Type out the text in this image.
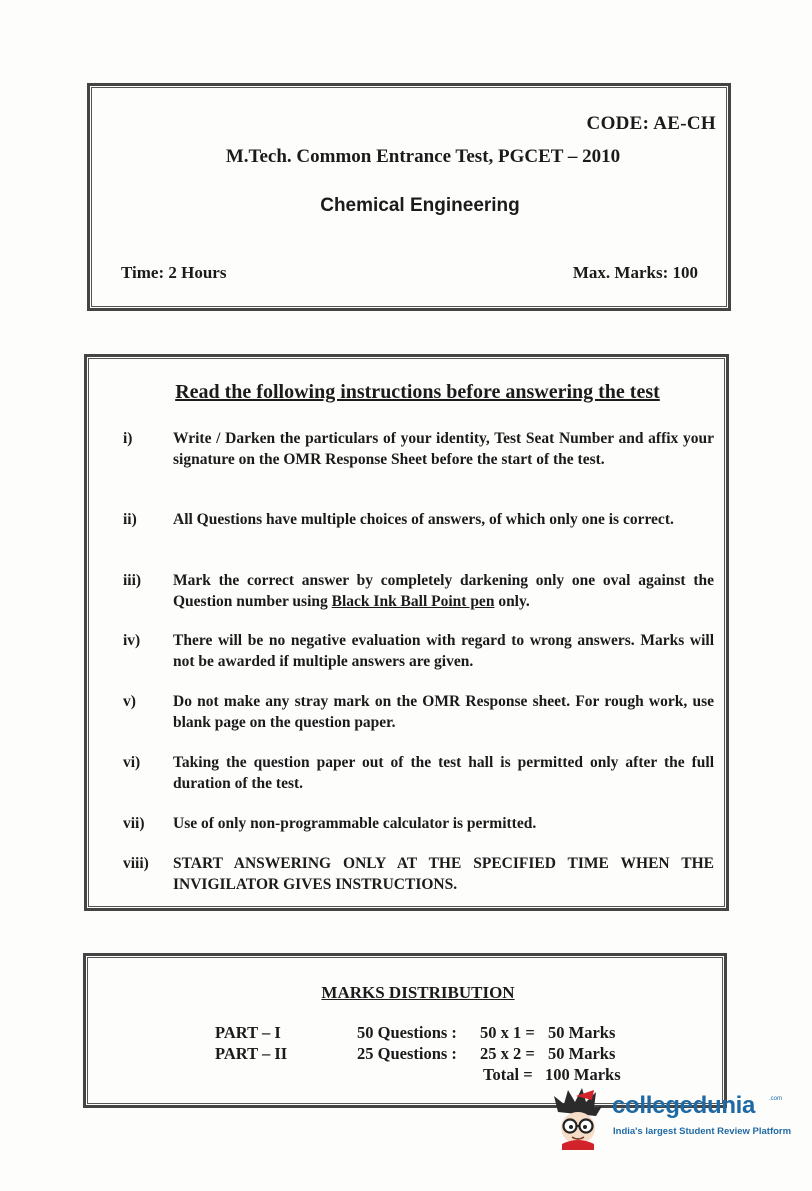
CODE: AE-CH
M.Tech. Common Entrance Test, PGCET – 2010
Chemical Engineering
Time: 2 Hours	Max. Marks: 100
Read the following instructions before answering the test
i)	Write / Darken the particulars of your identity, Test Seat Number and affix your signature on the OMR Response Sheet before the start of the test.
ii)	All Questions have multiple choices of answers, of which only one is correct.
iii)	Mark the correct answer by completely darkening only one oval against the Question number using Black Ink Ball Point pen only.
iv)	There will be no negative evaluation with regard to wrong answers. Marks will not be awarded if multiple answers are given.
v)	Do not make any stray mark on the OMR Response sheet. For rough work, use blank page on the question paper.
vi)	Taking the question paper out of the test hall is permitted only after the full duration of the test.
vii)	Use of only non-programmable calculator is permitted.
viii)	START ANSWERING ONLY AT THE SPECIFIED TIME WHEN THE INVIGILATOR GIVES INSTRUCTIONS.
MARKS DISTRIBUTION
PART – I	50 Questions : 50 x 1 = 50 Marks
PART – II	25 Questions : 25 x 2 = 50 Marks
Total = 100 Marks
collegedunia .com
India's largest Student Review Platform
